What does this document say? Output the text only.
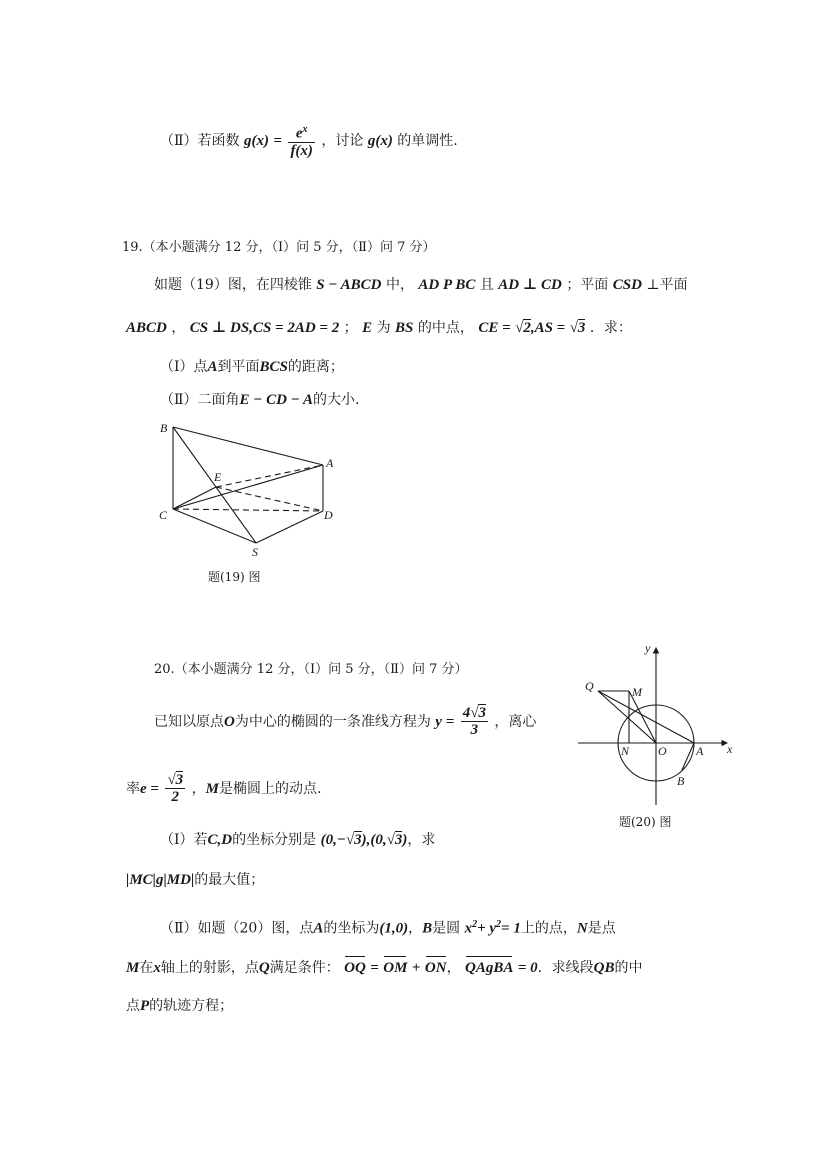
（Ⅱ）若函数 $g(x) = \frac{e^x}{f(x)}$ ，讨论 g(x) 的单调性.
19.（本小题满分 12 分，（Ⅰ）问 5 分，（Ⅱ）问 7 分）
如题（19）图，在四棱锥 S − ABCD 中， AD P BC 且 AD ⊥ CD ；平面 CSD ⊥平面
ABCD ， CS ⊥ DS,CS = 2AD = 2 ； E 为 BS 的中点， CE = √2,AS = √3 ．求：
（Ⅰ）点A到平面BCS的距离；
（Ⅱ）二面角E − CD − A的大小.
B
A
E
C	D
S
题(19) 图
20.（本小题满分 12 分，（Ⅰ）问 5 分，（Ⅱ）问 7 分）
已知以原点O为中心的椭圆的一条准线方程为 $y = \frac{4√3}{3}$ ，离心
率$e = \frac{√3}{2}$ ，M是椭圆上的动点.
（Ⅰ）若C,D的坐标分别是 (0,−√3),(0,√3)，求
|MC|g|MD|的最大值；
（Ⅱ）如题（20）图，点A的坐标为(1,0)，B是圆 $x^2+ y^2= 1$上的点，N是点
M在x轴上的射影，点Q满足条件： OQ = OM + ON， QAgBA = 0．求线段QB的中
点P的轨迹方程；
y
x
Q	M
N O A
B
题(20) 图
